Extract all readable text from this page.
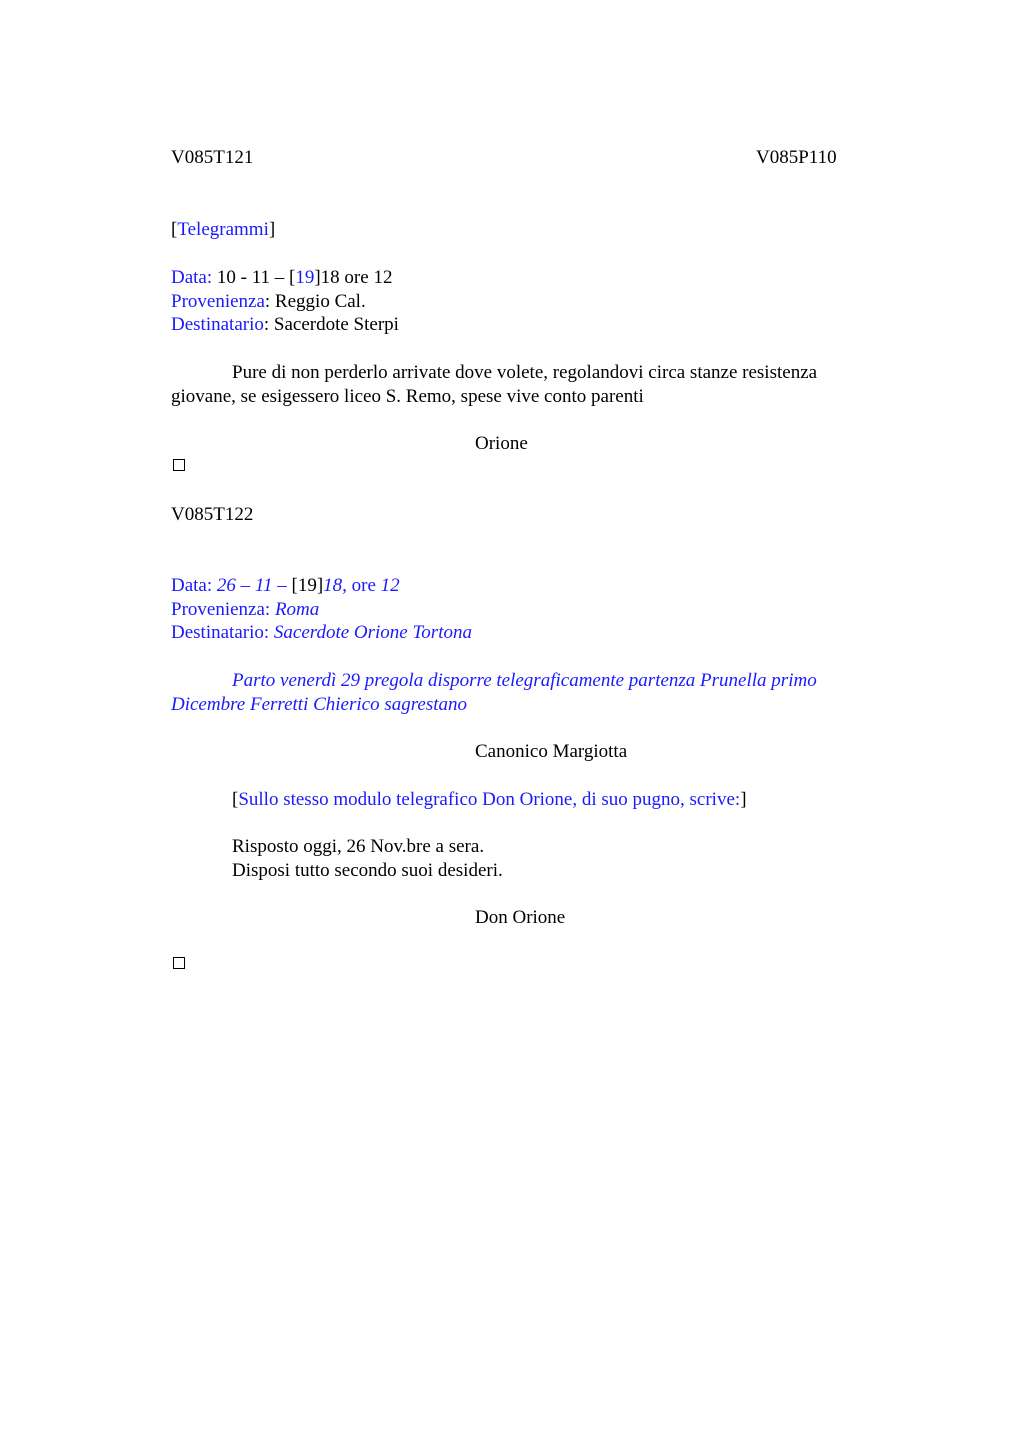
V085T121	V085P110
[Telegrammi]
Data: 10 - 11 – [19]18 ore 12
Provenienza: Reggio Cal.
Destinatario: Sacerdote Sterpi
Pure di non perderlo arrivate dove volete, regolandovi circa stanze resistenza
giovane, se esigessero liceo S. Remo, spese vive conto parenti
Orione
V085T122
Data: 26 – 11 – [19]18, ore 12
Provenienza: Roma
Destinatario: Sacerdote Orione Tortona
Parto venerdì 29 pregola disporre telegraficamente partenza Prunella primo
Dicembre Ferretti Chierico sagrestano
Canonico Margiotta
[Sullo stesso modulo telegrafico Don Orione, di suo pugno, scrive:]
Risposto oggi, 26 Nov.bre a sera.
Disposi tutto secondo suoi desideri.
Don Orione
